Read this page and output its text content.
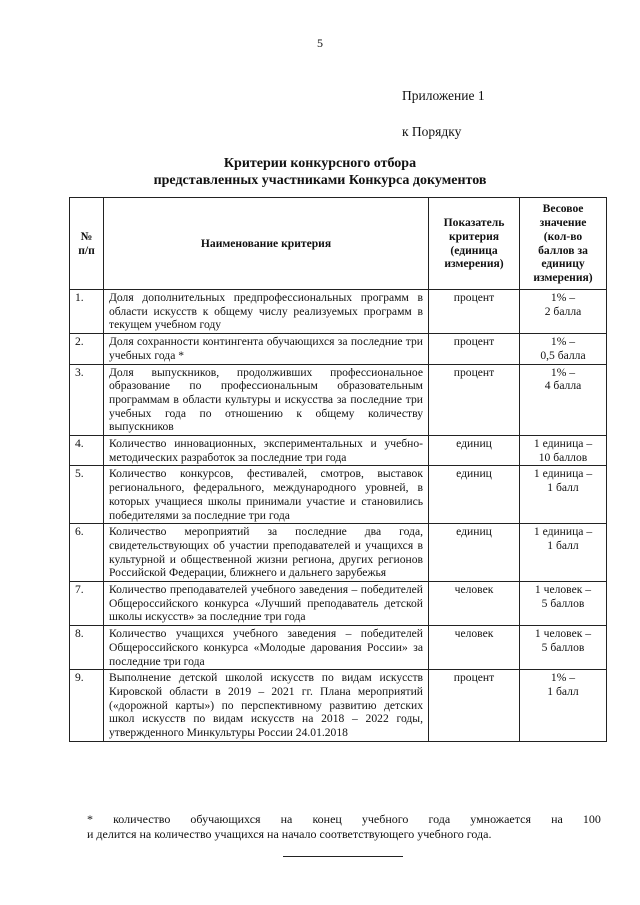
5
Приложение 1
к Порядку
Критерии конкурсного отбора
представленных участниками Конкурса документов
№ п/п	Наименование критерия	Показатель критерия (единица измерения)	Весовое значение (кол-во баллов за единицу измерения)
1.	Доля дополнительных предпрофессиональных программ в области искусств к общему числу реализуемых программ в текущем учебном году	процент	1% –
2 балла

2.	Доля сохранности контингента обучающихся за последние три учебных года *	процент	1% –
0,5 балла

3.	Доля выпускников, продолживших профессиональное образование по профессиональным образовательным программам в области культуры и искусства за последние три учебных года по отношению к общему количеству выпускников	процент	1% –
4 балла

4.	Количество инновационных, экспериментальных и учебно-методических разработок за последние три года	единиц	1 единица –
10 баллов

5.	Количество конкурсов, фестивалей, смотров, выставок регионального, федерального, международного уровней, в которых учащиеся школы принимали участие и становились победителями за последние три года	единиц	1 единица –
1 балл

6.	Количество мероприятий за последние два года, свидетельствующих об участии преподавателей и учащихся в культурной и общественной жизни региона, других регионов Российской Федерации, ближнего и дальнего зарубежья	единиц	1 единица –
1 балл

7.	Количество преподавателей учебного заведения – победителей Общероссийского конкурса «Лучший преподаватель детской школы искусств» за последние три года	человек	1 человек –
5 баллов

8.	Количество учащихся учебного заведения – победителей Общероссийского конкурса «Молодые дарования России» за последние три года	человек	1 человек –
5 баллов

9.	Выполнение детской школой искусств по видам искусств Кировской области в 2019 – 2021 гг. Плана мероприятий («дорожной карты») по перспективному развитию детских школ искусств по видам искусств на 2018 – 2022 годы, утвержденного Минкультуры России 24.01.2018	процент	1% –
1 балл
* количество обучающихся на конец учебного года умножается на 100
и делится на количество учащихся на начало соответствующего учебного года.
